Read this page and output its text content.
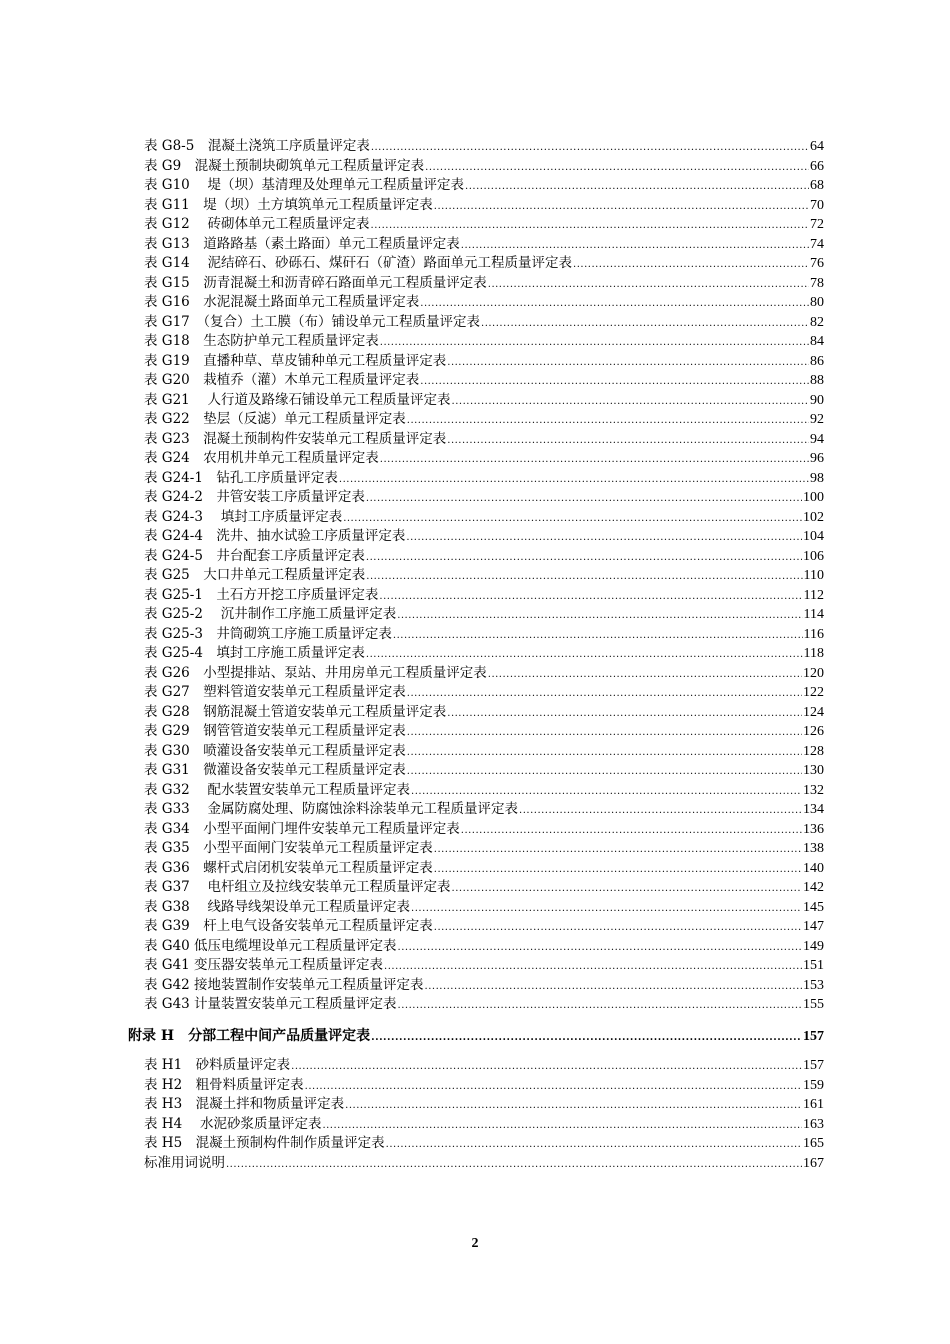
表 G8-5　混凝土浇筑工序质量评定表 .....	64
表 G9　混凝土预制块砌筑单元工程质量评定表 .....	66
表 G10　 堤（坝）基清理及处理单元工程质量评定表 .....	68
表 G11　堤（坝）土方填筑单元工程质量评定表 .....	70
表 G12　 砖砌体单元工程质量评定表 .....	72
表 G13　道路路基（素土路面）单元工程质量评定表 .....	74
表 G14　 泥结碎石、砂砾石、煤矸石（矿渣）路面单元工程质量评定表 .....	76
表 G15　沥青混凝土和沥青碎石路面单元工程质量评定表 .....	78
表 G16　水泥混凝土路面单元工程质量评定表 .....	80
表 G17　（复合）土工膜（布）铺设单元工程质量评定表 .....	82
表 G18　生态防护单元工程质量评定表 .....	84
表 G19　直播种草、草皮铺种单元工程质量评定表 .....	86
表 G20　栽植乔（灌）木单元工程质量评定表 .....	88
表 G21　 人行道及路缘石铺设单元工程质量评定表 .....	90
表 G22　垫层（反滤）单元工程质量评定表 .....	92
表 G23　混凝土预制构件安装单元工程质量评定表 .....	94
表 G24　农用机井单元工程质量评定表 .....	96
表 G24-1　钻孔工序质量评定表 .....	98
表 G24-2　井管安装工序质量评定表 .....	100
表 G24-3　 填封工序质量评定表 .....	102
表 G24-4　洗井、抽水试验工序质量评定表 .....	104
表 G24-5　井台配套工序质量评定表 .....	106
表 G25　大口井单元工程质量评定表 .....	110
表 G25-1　土石方开挖工序质量评定表 .....	112
表 G25-2　 沉井制作工序施工质量评定表 .....	114
表 G25-3　井筒砌筑工序施工质量评定表 .....	116
表 G25-4　填封工序施工质量评定表 .....	118
表 G26　小型提排站、泵站、井用房单元工程质量评定表 .....	120
表 G27　塑料管道安装单元工程质量评定表 .....	122
表 G28　钢筋混凝土管道安装单元工程质量评定表 .....	124
表 G29　钢管管道安装单元工程质量评定表 .....	126
表 G30　喷灌设备安装单元工程质量评定表 .....	128
表 G31　微灌设备安装单元工程质量评定表 .....	130
表 G32　 配水装置安装单元工程质量评定表 .....	132
表 G33　 金属防腐处理、防腐蚀涂料涂装单元工程质量评定表 .....	134
表 G34　小型平面闸门埋件安装单元工程质量评定表 .....	136
表 G35　小型平面闸门安装单元工程质量评定表 .....	138
表 G36　螺杆式启闭机安装单元工程质量评定表 .....	140
表 G37　 电杆组立及拉线安装单元工程质量评定表 .....	142
表 G38　 线路导线架设单元工程质量评定表 .....	145
表 G39　杆上电气设备安装单元工程质量评定表 .....	147
表 G40 低压电缆埋设单元工程质量评定表 .....	149
表 G41 变压器安装单元工程质量评定表 .....	151
表 G42 接地装置制作安装单元工程质量评定表 .....	153
表 G43 计量装置安装单元工程质量评定表 .....	155
附录 H　分部工程中间产品质量评定表 .....	157
表 H1　砂料质量评定表 .....	157
表 H2　粗骨料质量评定表 .....	159
表 H3　混凝土拌和物质量评定表 .....	161
表 H4　 水泥砂浆质量评定表 .....	163
表 H5　混凝土预制构件制作质量评定表 .....	165
标准用词说明 .....	167
2
